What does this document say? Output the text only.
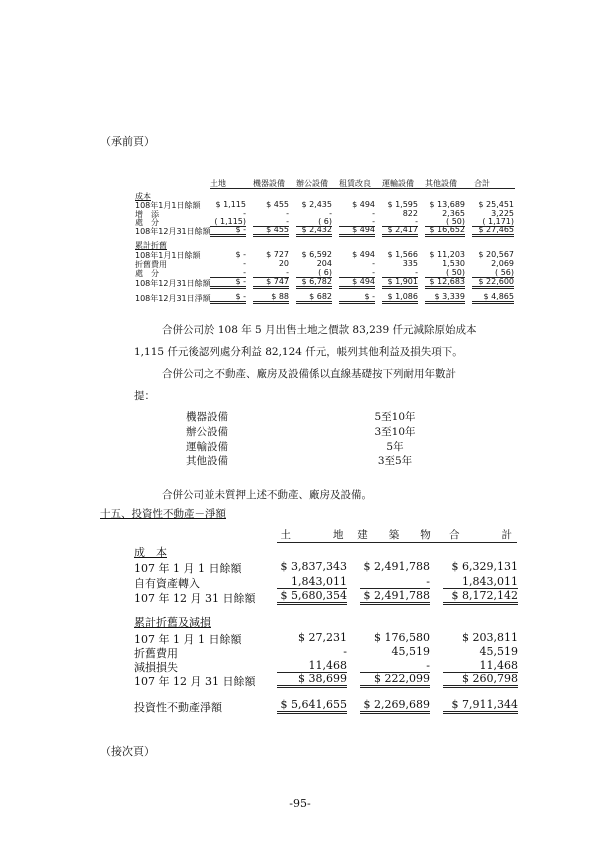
（承前頁）
土地	機器設備 辦公設備 租賃改良 運輸設備 其他設備 合計
成本
108年1月1日餘額	$ 1,115	$ 455	$ 2,435	$ 494	$ 1,595	$ 13,689	$ 25,451
增　添	-	-	-	-	822	2,365	3,225
處　分	( 1,115)	-	( 6)	-	-	( 50)	( 1,171)
108年12月31日餘額	$ -	$ 455	$ 2,432	$ 494	$ 2,417	$ 16,652	$ 27,465
累計折舊
108年1月1日餘額	$ -	$ 727	$ 6,592	$ 494	$ 1,566	$ 11,203	$ 20,567
折舊費用	-	20	204	-	335	1,530	2,069
處　分	-	-	( 6)	-	-	( 50)	( 56)
108年12月31日餘額	$ -	$ 747	$ 6,782	$ 494	$ 1,901	$ 12,683	$ 22,600
108年12月31日淨額	$ -	$ 88	$ 682	$ -	$ 1,086	$ 3,339	$ 4,865
合併公司於 108 年 5 月出售土地之價款 83,239 仟元減除原始成本
1,115 仟元後認列處分利益 82,124 仟元，帳列其他利益及損失項下。
合併公司之不動產、廠房及設備係以直線基礎按下列耐用年數計
提：
機器設備	5至10年
辦公設備	3至10年
運輸設備	5年
其他設備	3至5年
合併公司並未質押上述不動產、廠房及設備。
十五、投資性不動產－淨額
土　　　　地	建　　築　　物	合　　　　計
成　本
107 年 1 月 1 日餘額	$ 3,837,343	$ 2,491,788	$ 6,329,131
自有資產轉入	1,843,011	-	1,843,011
107 年 12 月 31 日餘額	$ 5,680,354	$ 2,491,788	$ 8,172,142
累計折舊及減損
107 年 1 月 1 日餘額	$ 27,231	$ 176,580	$ 203,811
折舊費用	-	45,519	45,519
減損損失	11,468	-	11,468
107 年 12 月 31 日餘額	$ 38,699	$ 222,099	$ 260,798
投資性不動產淨額	$ 5,641,655	$ 2,269,689	$ 7,911,344
（接次頁）
-95-
